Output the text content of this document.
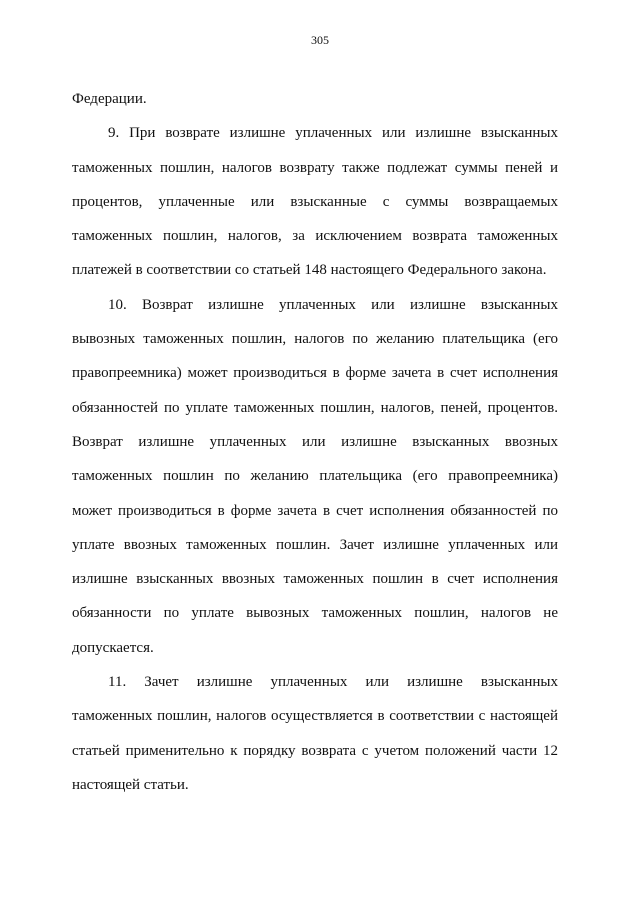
305
Федерации.
9. При возврате излишне уплаченных или излишне взысканных
таможенных пошлин, налогов возврату также подлежат суммы пеней и
процентов, уплаченные или взысканные с суммы возвращаемых
таможенных пошлин, налогов, за исключением возврата таможенных
платежей в соответствии со статьей 148 настоящего Федерального закона.
10. Возврат излишне уплаченных или излишне взысканных
вывозных таможенных пошлин, налогов по желанию плательщика (его
правопреемника) может производиться в форме зачета в счет исполнения
обязанностей по уплате таможенных пошлин, налогов, пеней, процентов.
Возврат излишне уплаченных или излишне взысканных ввозных
таможенных пошлин по желанию плательщика (его правопреемника)
может производиться в форме зачета в счет исполнения обязанностей по
уплате ввозных таможенных пошлин. Зачет излишне уплаченных или
излишне взысканных ввозных таможенных пошлин в счет исполнения
обязанности по уплате вывозных таможенных пошлин, налогов не
допускается.
11. Зачет излишне уплаченных или излишне взысканных
таможенных пошлин, налогов осуществляется в соответствии с настоящей
статьей применительно к порядку возврата с учетом положений части 12
настоящей статьи.
